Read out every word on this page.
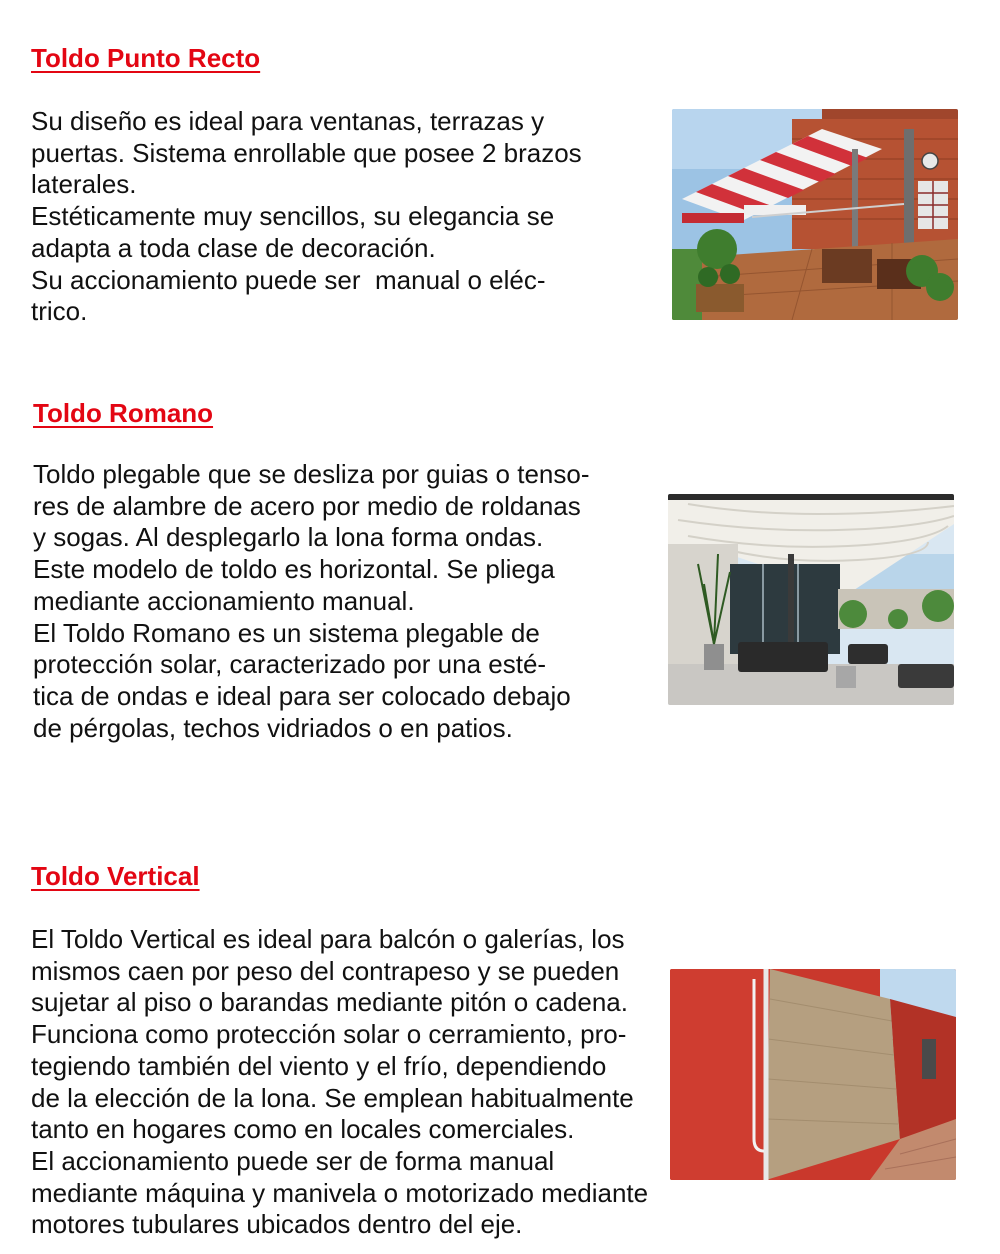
Toldo Punto Recto

Su diseño es ideal para ventanas, terrazas y
puertas. Sistema enrollable que posee 2 brazos
laterales.
Estéticamente muy sencillos, su elegancia se
adapta a toda clase de decoración.
Su accionamiento puede ser  manual o eléc-
trico.

Toldo Romano

Toldo plegable que se desliza por guias o tenso-
res de alambre de acero por medio de roldanas
y sogas. Al desplegarlo la lona forma ondas.
Este modelo de toldo es horizontal. Se pliega
mediante accionamiento manual.
El Toldo Romano es un sistema plegable de
protección solar, caracterizado por una esté-
tica de ondas e ideal para ser colocado debajo
de pérgolas, techos vidriados o en patios.

Toldo Vertical

El Toldo Vertical es ideal para balcón o galerías, los
mismos caen por peso del contrapeso y se pueden
sujetar al piso o barandas mediante pitón o cadena.
Funciona como protección solar o cerramiento, pro-
tegiendo también del viento y el frío, dependiendo
de la elección de la lona. Se emplean habitualmente
tanto en hogares como en locales comerciales.
El accionamiento puede ser de forma manual
mediante máquina y manivela o motorizado mediante
motores tubulares ubicados dentro del eje.
